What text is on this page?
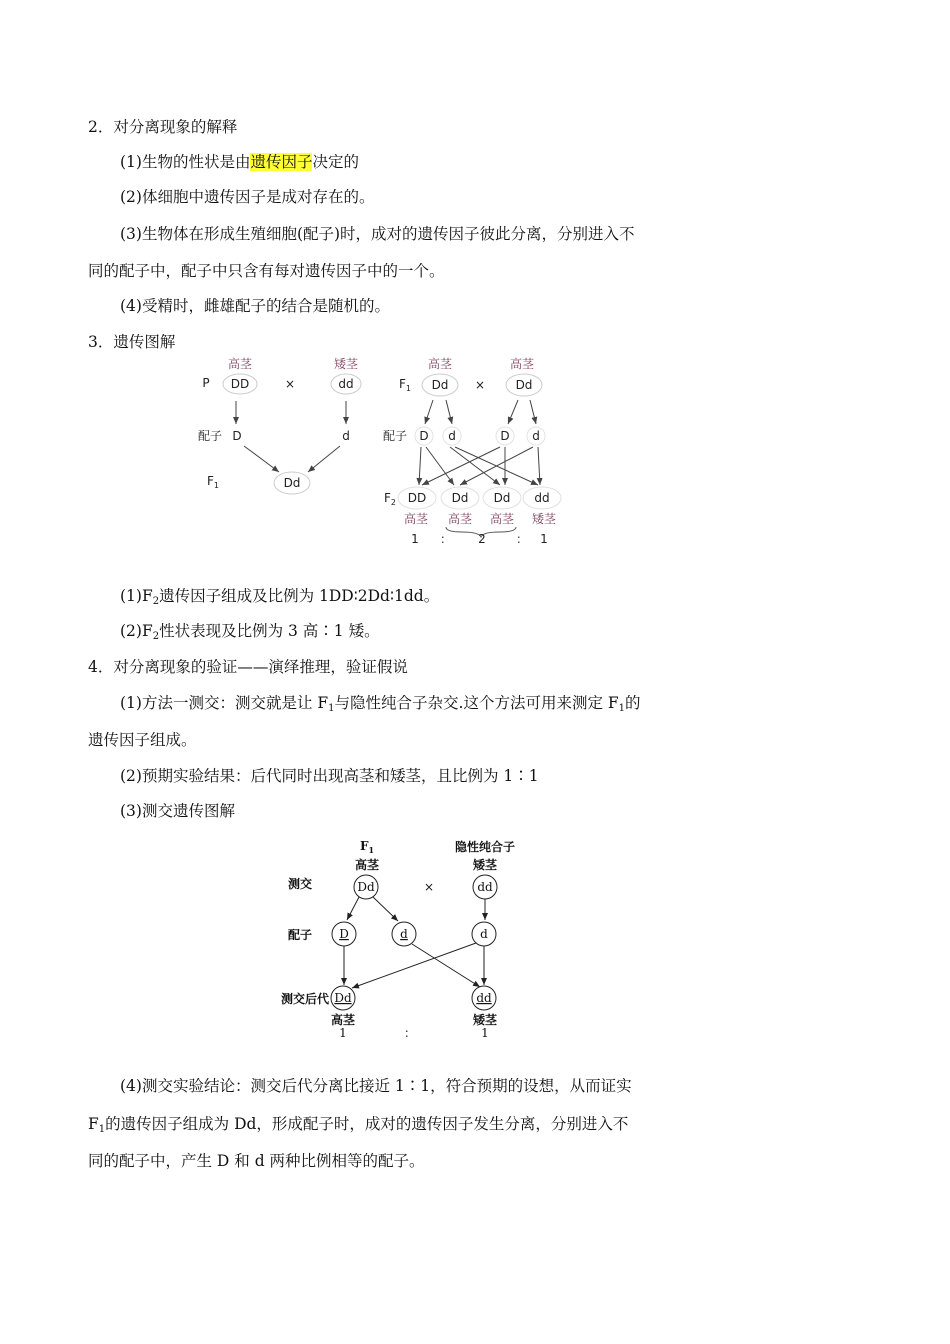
2．对分离现象的解释
(1)生物的性状是由遗传因子决定的
(2)体细胞中遗传因子是成对存在的。
(3)生物体在形成生殖细胞(配子)时，成对的遗传因子彼此分离，分别进入不
同的配子中，配子中只含有每对遗传因子中的一个。
(4)受精时，雌雄配子的结合是随机的。
3．遗传图解
高茎	矮茎
P DD	×	dd
配子 D	d
$F_1$	Dd
高茎	高茎
$F_1$ Dd ×	Dd
配子 D d	D d
$F_2$ DD Dd Dd dd
高茎 高茎 高茎 矮茎
1 ： 2	： 1
$(1)F_2$遗传因子组成及比例为 1DD∶2Dd∶1dd。
$(2)F_2$性状表现及比例为 3 高∶1 矮。
4．对分离现象的验证——演绎推理，验证假说
(1)方法一测交：测交就是让 $F_1$与隐性纯合子杂交.这个方法可用来测定 $F_1$的
遗传因子组成。
(2)预期实验结果：后代同时出现高茎和矮茎，且比例为 1∶1
(3)测交遗传图解
$F_1$	隐性纯合子
高茎	矮茎
测交	Dd	×	dd
配子 D	d	d
测交后代 Dd	dd
高茎	矮茎
1	：	1
(4)测交实验结论：测交后代分离比接近 1∶1，符合预期的设想，从而证实
$F_1$的遗传因子组成为 Dd，形成配子时，成对的遗传因子发生分离，分别进入不
同的配子中，产生 D 和 d 两种比例相等的配子。
